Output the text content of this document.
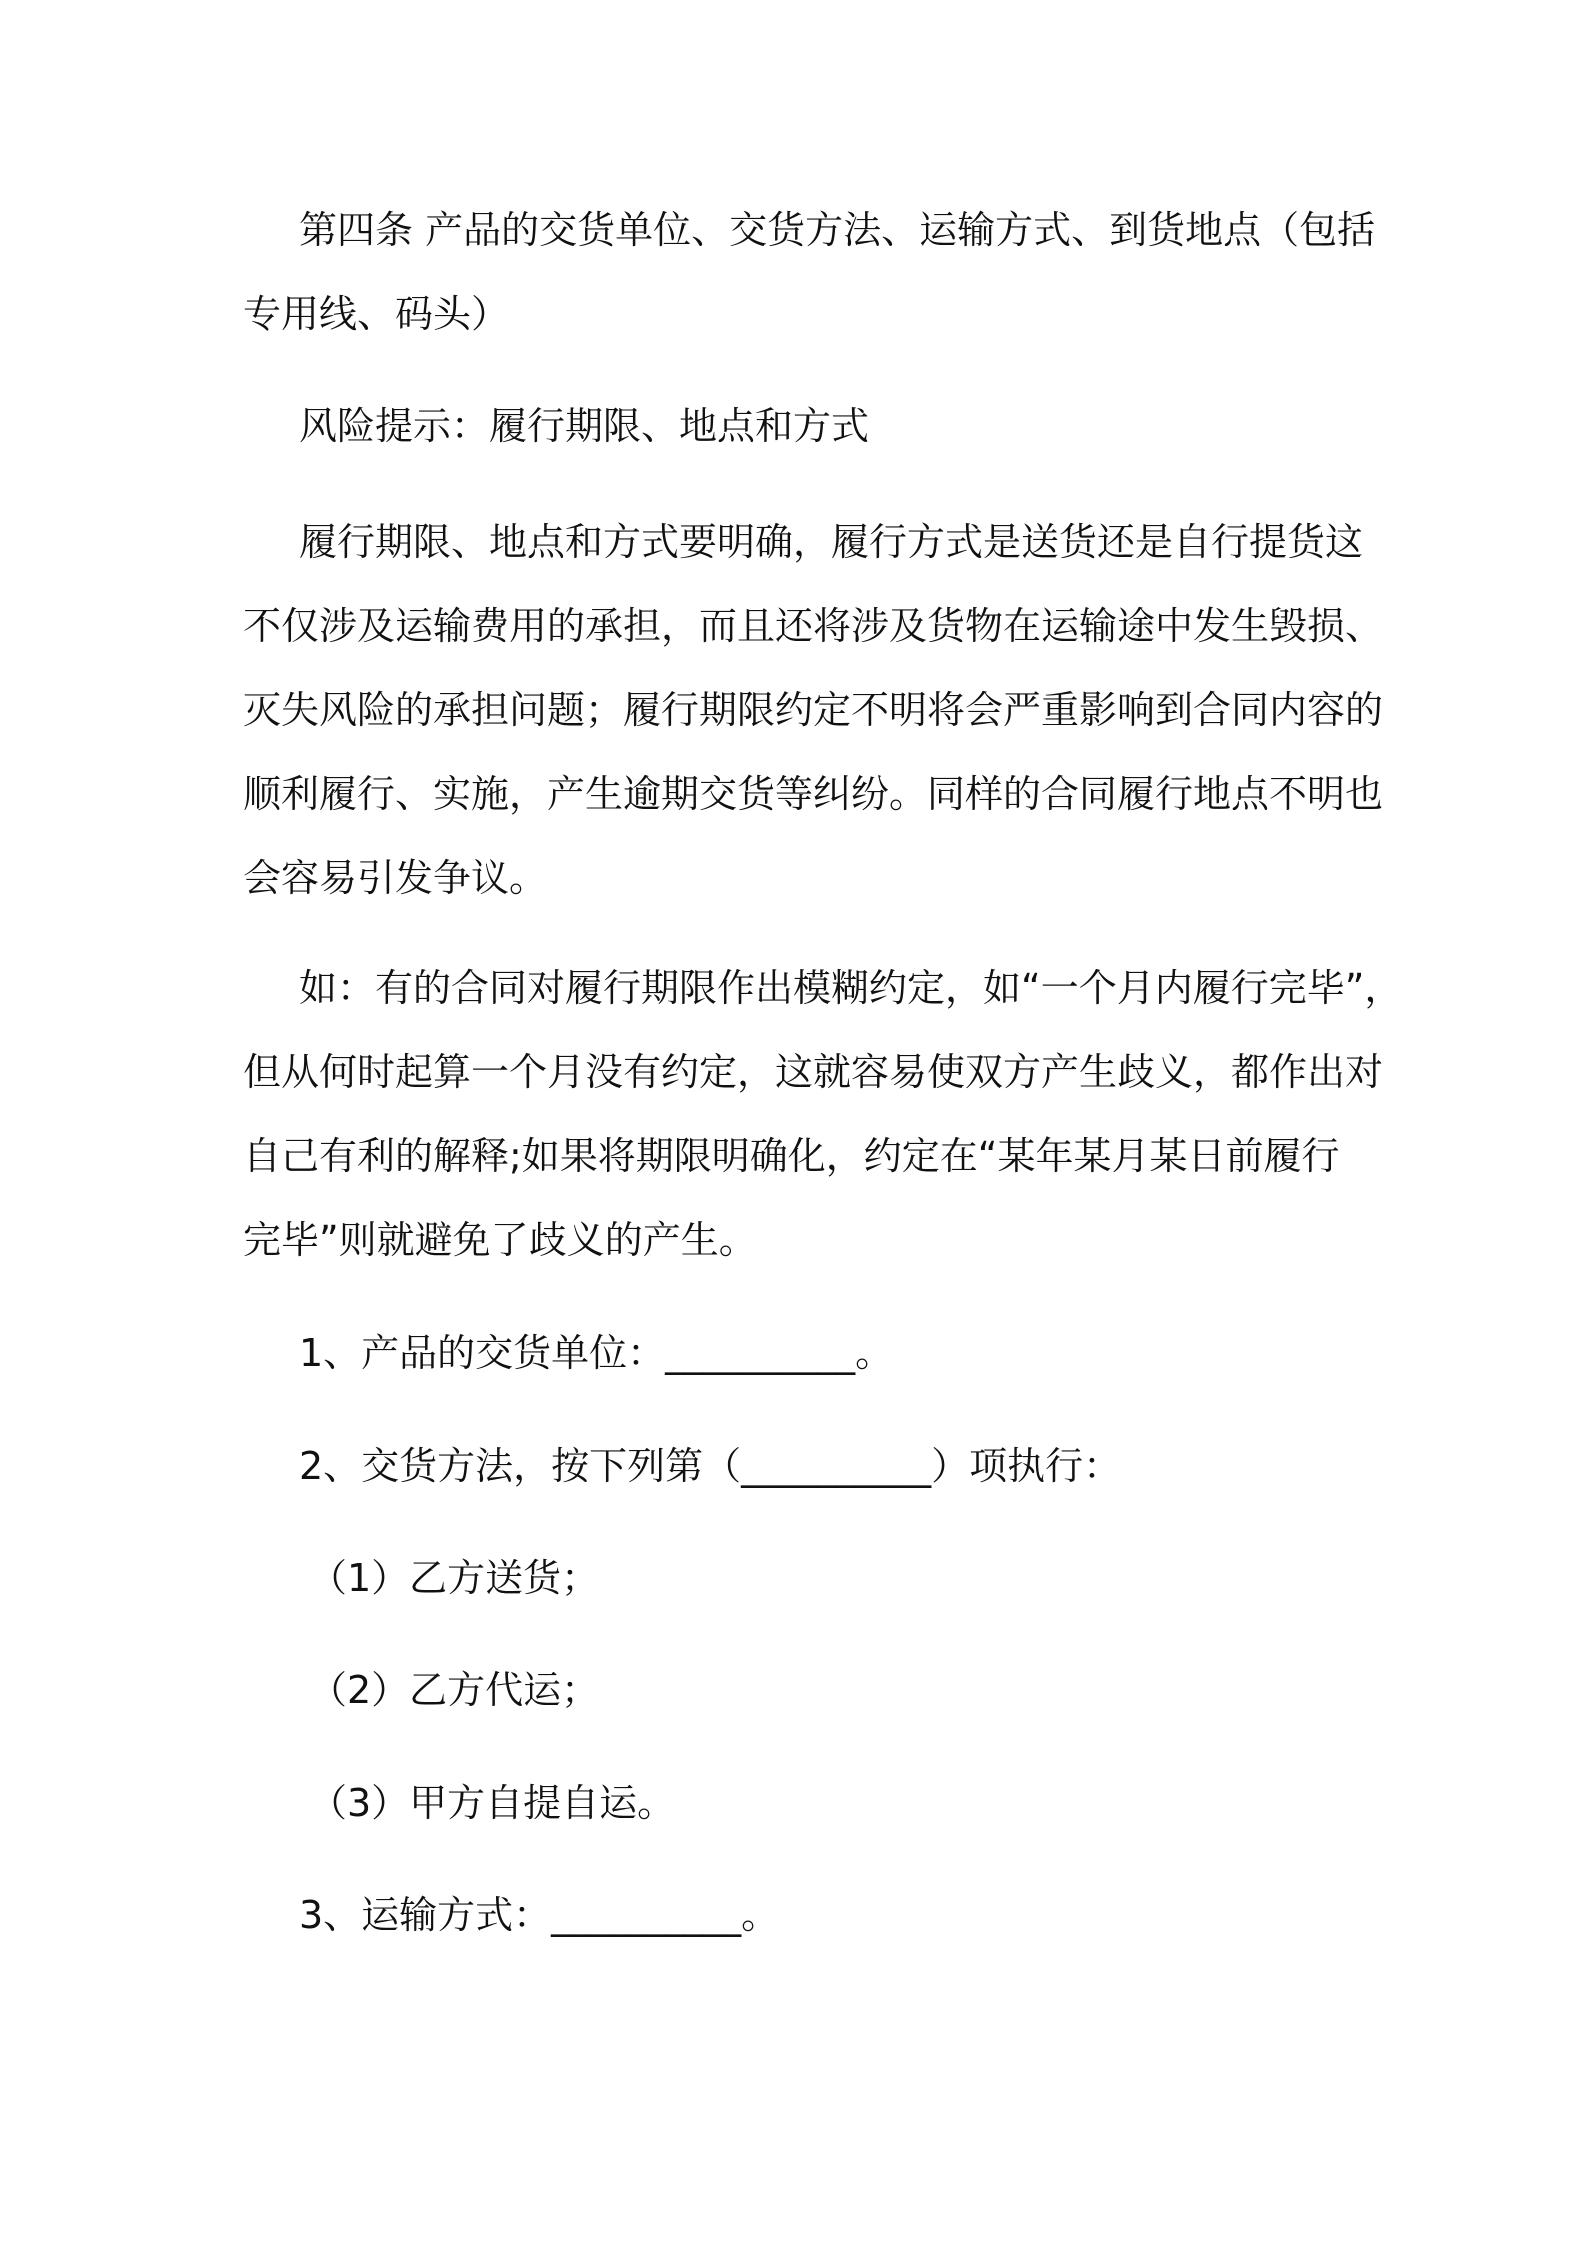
第四条 产品的交货单位、交货方法、运输方式、到货地点（包括
专用线、码头）
风险提示：履行期限、地点和方式
履行期限、地点和方式要明确，履行方式是送货还是自行提货这
不仅涉及运输费用的承担，而且还将涉及货物在运输途中发生毁损、
灭失风险的承担问题；履行期限约定不明将会严重影响到合同内容的
顺利履行、实施，产生逾期交货等纠纷。同样的合同履行地点不明也
会容易引发争议。
如：有的合同对履行期限作出模糊约定，如“一个月内履行完毕”，
但从何时起算一个月没有约定，这就容易使双方产生歧义，都作出对
自己有利的解释;如果将期限明确化，约定在“某年某月某日前履行
完毕”则就避免了歧义的产生。
1、产品的交货单位：__________。
2、交货方法，按下列第（__________）项执行：
（1）乙方送货；
（2）乙方代运；
（3）甲方自提自运。
3、运输方式：__________。
